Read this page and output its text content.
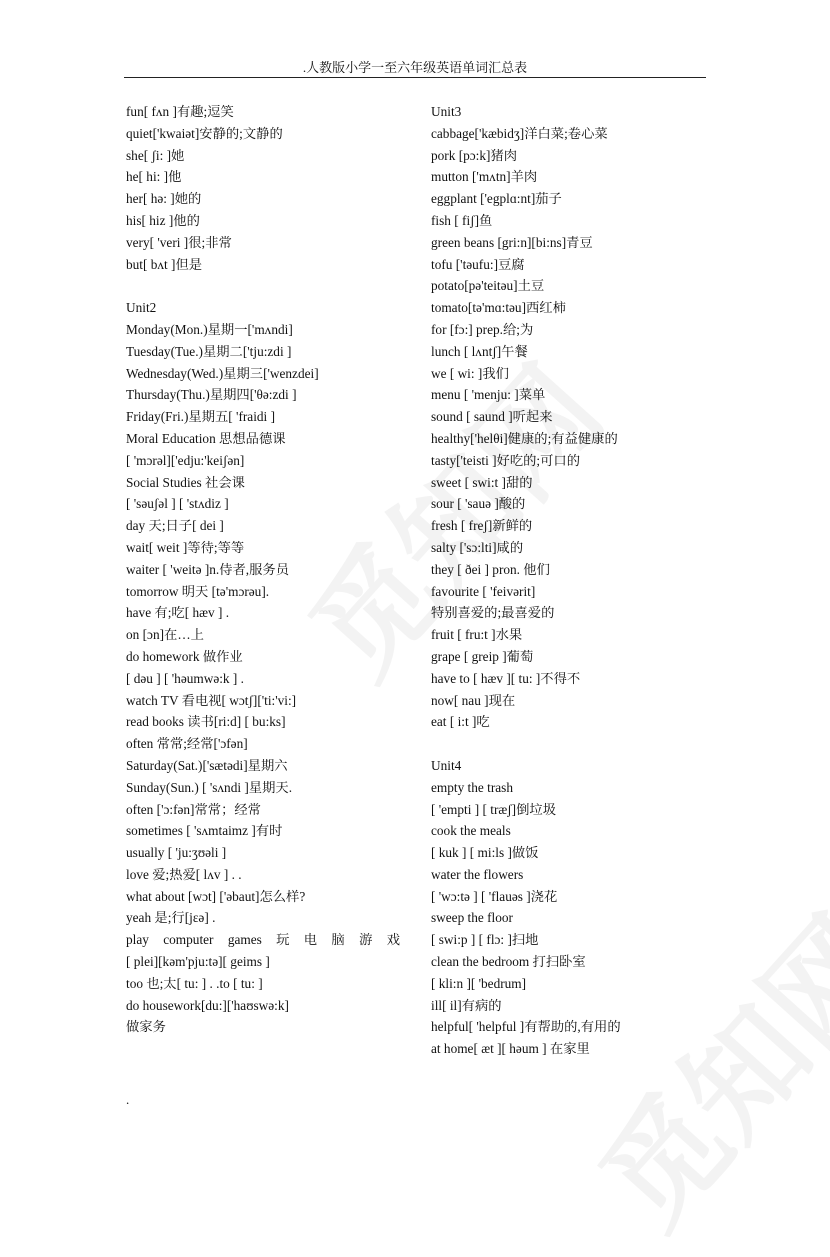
.人教版小学一至六年级英语单词汇总表
fun[ fʌn ]有趣;逗笑
quiet['kwaiət]安静的;文静的
she[ ʃi: ]她
he[ hi: ]他
her[ hə: ]她的
his[ hiz ]他的
very[ 'veri ]很;非常
but[ bʌt ]但是
Unit2
Monday(Mon.)星期一['mʌndi]
Tuesday(Tue.)星期二['tju:zdi ]
Wednesday(Wed.)星期三['wenzdei]
Thursday(Thu.)星期四['θə:zdi ]
Friday(Fri.)星期五[ 'fraidi ]
Moral Education 思想品德课
[ 'mɔrəl]['edju:'keiʃən]
Social Studies 社会课
[ 'səuʃəl ] [ 'stʌdiz ]
day 天;日子[ dei ]
wait[ weit ]等待;等等
waiter [ 'weitə ]n.侍者,服务员
tomorrow 明天 [tə'mɔrəu].
have 有;吃[ hæv ] .
on [ɔn]在…上
do homework 做作业
[ dəu ] [ 'həumwə:k ] .
watch TV 看电视[ wɔtʃ]['ti:'vi:]
read books 读书[ri:d] [ bu:ks]
often 常常;经常['ɔfən]
Saturday(Sat.)['sætədi]星期六
Sunday(Sun.) [ 'sʌndi ]星期天.
often ['ɔ:fən]常常；经常
sometimes [ 'sʌmtaimz ]有时
usually [ 'ju:ʒʊəli ]
love 爱;热爱[ lʌv ] . .
what about [wɔt] ['əbaut]怎么样?
yeah 是;行[jεə] .
play computer games 玩 电 脑 游 戏
[ plei][kəm'pju:tə][ geims ]
too 也;太[ tu: ] . .to [ tu: ]
do housework[du:]['haʊswə:k]
做家务
Unit3
cabbage['kæbidʒ]洋白菜;卷心菜
pork [pɔ:k]猪肉
mutton ['mʌtn]羊肉
eggplant ['egplɑ:nt]茄子
fish [ fiʃ]鱼
green beans [gri:n][bi:ns]青豆
tofu ['təufu:]豆腐
potato[pə'teitəu]土豆
tomato[tə'mɑ:təu]西红柿
for [fɔ:] prep.给;为
lunch [ lʌntʃ]午餐
we [ wi: ]我们
menu [ 'menju: ]菜单
sound [ saund ]听起来
healthy['helθi]健康的;有益健康的
tasty['teisti ]好吃的;可口的
sweet [ swi:t ]甜的
sour [ 'sauə ]酸的
fresh [ freʃ]新鲜的
salty ['sɔ:lti]咸的
they [ ðei ] pron. 他们
favourite [ 'feivərit]
特别喜爱的;最喜爱的
fruit [ fru:t ]水果
grape [ greip ]葡萄
have to [ hæv ][ tu: ]不得不
now[ nau ]现在
eat [ i:t ]吃
Unit4
empty the trash
[ 'empti ] [ træʃ]倒垃圾
cook the meals
[ kuk ] [ mi:ls ]做饭
water the flowers
[ 'wɔ:tə ] [ 'flauəs ]浇花
sweep the floor
[ swi:p ] [ flɔ: ]扫地
clean the bedroom 打扫卧室
[ kli:n ][ 'bedrum]
ill[ il]有病的
helpful[ 'helpful ]有帮助的,有用的
at home[ æt ][ həum ] 在家里
.
